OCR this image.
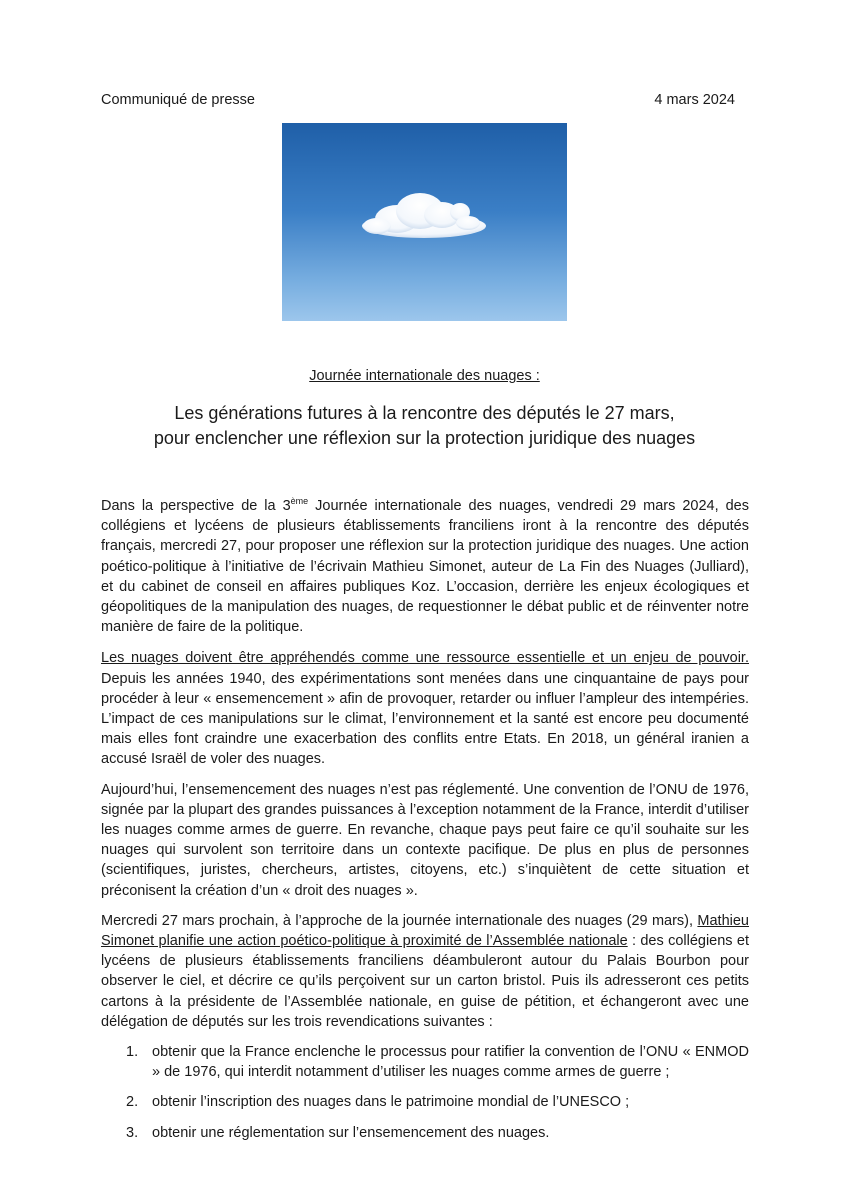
Communiqué de presse	4 mars 2024
Journée internationale des nuages :
Les générations futures à la rencontre des députés le 27 mars,
pour enclencher une réflexion sur la protection juridique des nuages

Dans la perspective de la 3ème Journée internationale des nuages, vendredi 29 mars 2024, des collégiens et lycéens de plusieurs établissements franciliens iront à la rencontre des députés français, mercredi 27, pour proposer une réflexion sur la protection juridique des nuages. Une action poético-politique à l’initiative de l’écrivain Mathieu Simonet, auteur de La Fin des Nuages (Julliard), et du cabinet de conseil en affaires publiques Koz. L’occasion, derrière les enjeux écologiques et géopolitiques de la manipulation des nuages, de requestionner le débat public et de réinventer notre manière de faire de la politique.

Les nuages doivent être appréhendés comme une ressource essentielle et un enjeu de pouvoir. Depuis les années 1940, des expérimentations sont menées dans une cinquantaine de pays pour procéder à leur « ensemencement » afin de provoquer, retarder ou influer l’ampleur des intempéries. L’impact de ces manipulations sur le climat, l’environnement et la santé est encore peu documenté mais elles font craindre une exacerbation des conflits entre Etats. En 2018, un général iranien a accusé Israël de voler des nuages.

Aujourd’hui, l’ensemencement des nuages n’est pas réglementé. Une convention de l’ONU de 1976, signée par la plupart des grandes puissances à l’exception notamment de la France, interdit d’utiliser les nuages comme armes de guerre. En revanche, chaque pays peut faire ce qu’il souhaite sur les nuages qui survolent son territoire dans un contexte pacifique. De plus en plus de personnes (scientifiques, juristes, chercheurs, artistes, citoyens, etc.) s’inquiètent de cette situation et préconisent la création d’un « droit des nuages ».

Mercredi 27 mars prochain, à l’approche de la journée internationale des nuages (29 mars), Mathieu Simonet planifie une action poético-politique à proximité de l’Assemblée nationale : des collégiens et lycéens de plusieurs établissements franciliens déambuleront autour du Palais Bourbon pour observer le ciel, et décrire ce qu’ils perçoivent sur un carton bristol. Puis ils adresseront ces petits cartons à la présidente de l’Assemblée nationale, en guise de pétition, et échangeront avec une délégation de députés sur les trois revendications suivantes :

1. obtenir que la France enclenche le processus pour ratifier la convention de l’ONU « ENMOD » de 1976, qui interdit notamment d’utiliser les nuages comme armes de guerre ;
2. obtenir l’inscription des nuages dans le patrimoine mondial de l’UNESCO ;
3. obtenir une réglementation sur l’ensemencement des nuages.
